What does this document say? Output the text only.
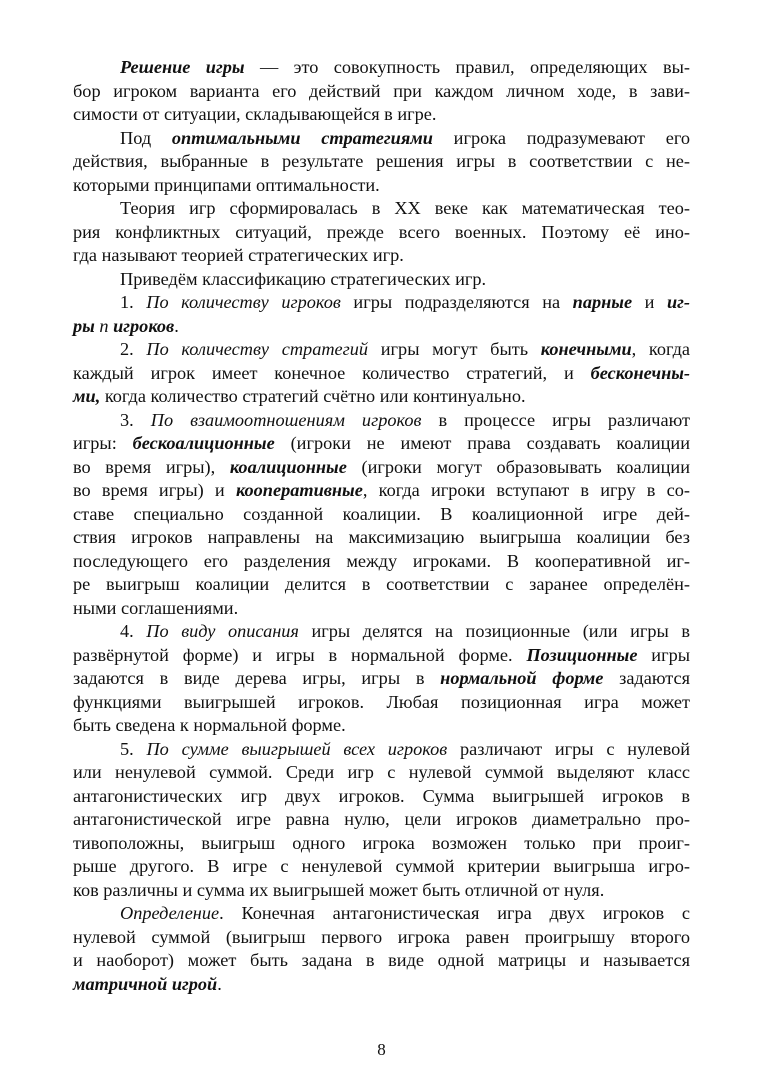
Решение игры — это совокупность правил, определяющих вы-
бор игроком варианта его действий при каждом личном ходе, в зави-
симости от ситуации, складывающейся в игре.
Под оптимальными стратегиями игрока подразумевают его
действия, выбранные в результате решения игры в соответствии с не-
которыми принципами оптимальности.
Теория игр сформировалась в XX веке как математическая тео-
рия конфликтных ситуаций, прежде всего военных. Поэтому её ино-
гда называют теорией стратегических игр.
Приведём классификацию стратегических игр.
1. По количеству игроков игры подразделяются на парные и иг-
ры n игроков.
2. По количеству стратегий игры могут быть конечными, когда
каждый игрок имеет конечное количество стратегий, и бесконечны-
ми, когда количество стратегий счётно или континуально.
3. По взаимоотношениям игроков в процессе игры различают
игры: бескоалиционные (игроки не имеют права создавать коалиции
во время игры), коалиционные (игроки могут образовывать коалиции
во время игры) и кооперативные, когда игроки вступают в игру в со-
ставе специально созданной коалиции. В коалиционной игре дей-
ствия игроков направлены на максимизацию выигрыша коалиции без
последующего его разделения между игроками. В кооперативной иг-
ре выигрыш коалиции делится в соответствии с заранее определён-
ными соглашениями.
4. По виду описания игры делятся на позиционные (или игры в
развёрнутой форме) и игры в нормальной форме. Позиционные игры
задаются в виде дерева игры, игры в нормальной форме задаются
функциями выигрышей игроков. Любая позиционная игра может
быть сведена к нормальной форме.
5. По сумме выигрышей всех игроков различают игры с нулевой
или ненулевой суммой. Среди игр с нулевой суммой выделяют класс
антагонистических игр двух игроков. Сумма выигрышей игроков в
антагонистической игре равна нулю, цели игроков диаметрально про-
тивоположны, выигрыш одного игрока возможен только при проиг-
рыше другого. В игре с ненулевой суммой критерии выигрыша игро-
ков различны и сумма их выигрышей может быть отличной от нуля.
Определение. Конечная антагонистическая игра двух игроков с
нулевой суммой (выигрыш первого игрока равен проигрышу второго
и наоборот) может быть задана в виде одной матрицы и называется
матричной игрой.
8
